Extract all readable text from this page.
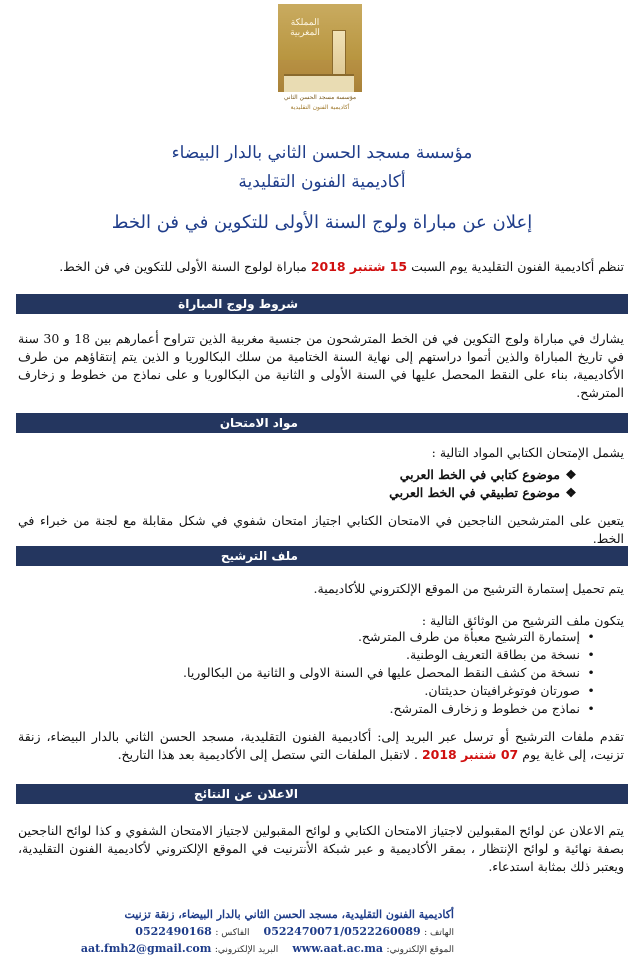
المملكة المغربية
مؤسسة مسجد الحسن الثاني
أكاديمية الفنون التقليدية
مؤسسة مسجد الحسن الثاني بالدار البيضاء
أكاديمية الفنون التقليدية
إعلان عن مباراة ولوج السنة الأولى للتكوين في فن الخط
تنظم أكاديمية الفنون التقليدية يوم السبت 15 شتنبر 2018 مباراة لولوج السنة الأولى للتكوين في فن الخط.
شروط ولوج المباراة
يشارك في مباراة ولوج التكوين في فن الخط المترشحون من جنسية مغربية الذين تتراوح أعمارهم بين 18 و 30 سنة في تاريخ المباراة والذين أتموا دراستهم إلى نهاية السنة الختامية من سلك البكالوريا و الذين يتم إنتقاؤهم من طرف الأكاديمية، بناء على النقط المحصل عليها في السنة الأولى و الثانية من البكالوريا و على نماذج من خطوط و زخارف المترشح.
مواد الامتحان
يشمل الإمتحان الكتابي المواد التالية :
❖
موضوع كتابي في الخط العربي
❖
موضوع تطبيقي في الخط العربي
يتعين على المترشحين الناجحين في الامتحان الكتابي اجتياز امتحان شفوي في شكل مقابلة مع لجنة من خبراء في الخط.
ملف الترشيح
يتم تحميل إستمارة الترشيح من الموقع الإلكتروني للأكاديمية.
يتكون ملف الترشيح من الوثائق التالية :
•
إستمارة الترشيح معبأة من طرف المترشح.
•
نسخة من بطاقة التعريف الوطنية.
•
نسخة من كشف النقط المحصل عليها في السنة الاولى و الثانية من البكالوريا.
•
صورتان فوتوغرافيتان حديثتان.
•
نماذج من خطوط و زخارف المترشح.
تقدم ملفات الترشيح أو ترسل عبر البريد إلى: أكاديمية الفنون التقليدية، مسجد الحسن الثاني بالدار البيضاء، زنقة تزنيت، إلى غاية يوم 07 شتنبر 2018 . لاتقبل الملفات التي ستصل إلى الأكاديمية بعد هذا التاريخ.
الاعلان عن النتائج
يتم الاعلان عن لوائح المقبولين لاجتياز الامتحان الكتابي و لوائح المقبولين لاجتياز الامتحان الشفوي و كذا لوائح الناجحين بصفة نهائية و لوائح الإنتظار ، بمقر الأكاديمية و عبر شبكة الأنترنيت في الموقع الإلكتروني لأكاديمية الفنون التقليدية، ويعتبر ذلك بمثابة استدعاء.
أكاديمية الفنون التقليدية، مسجد الحسن الثاني بالدار البيضاء، زنقة تزنيت
الهاتف : 0522470071/0522260089    الفاكس : 0522490168
الموقع الإلكتروني: www.aat.ac.ma    البريد الإلكتروني: aat.fmh2@gmail.com
